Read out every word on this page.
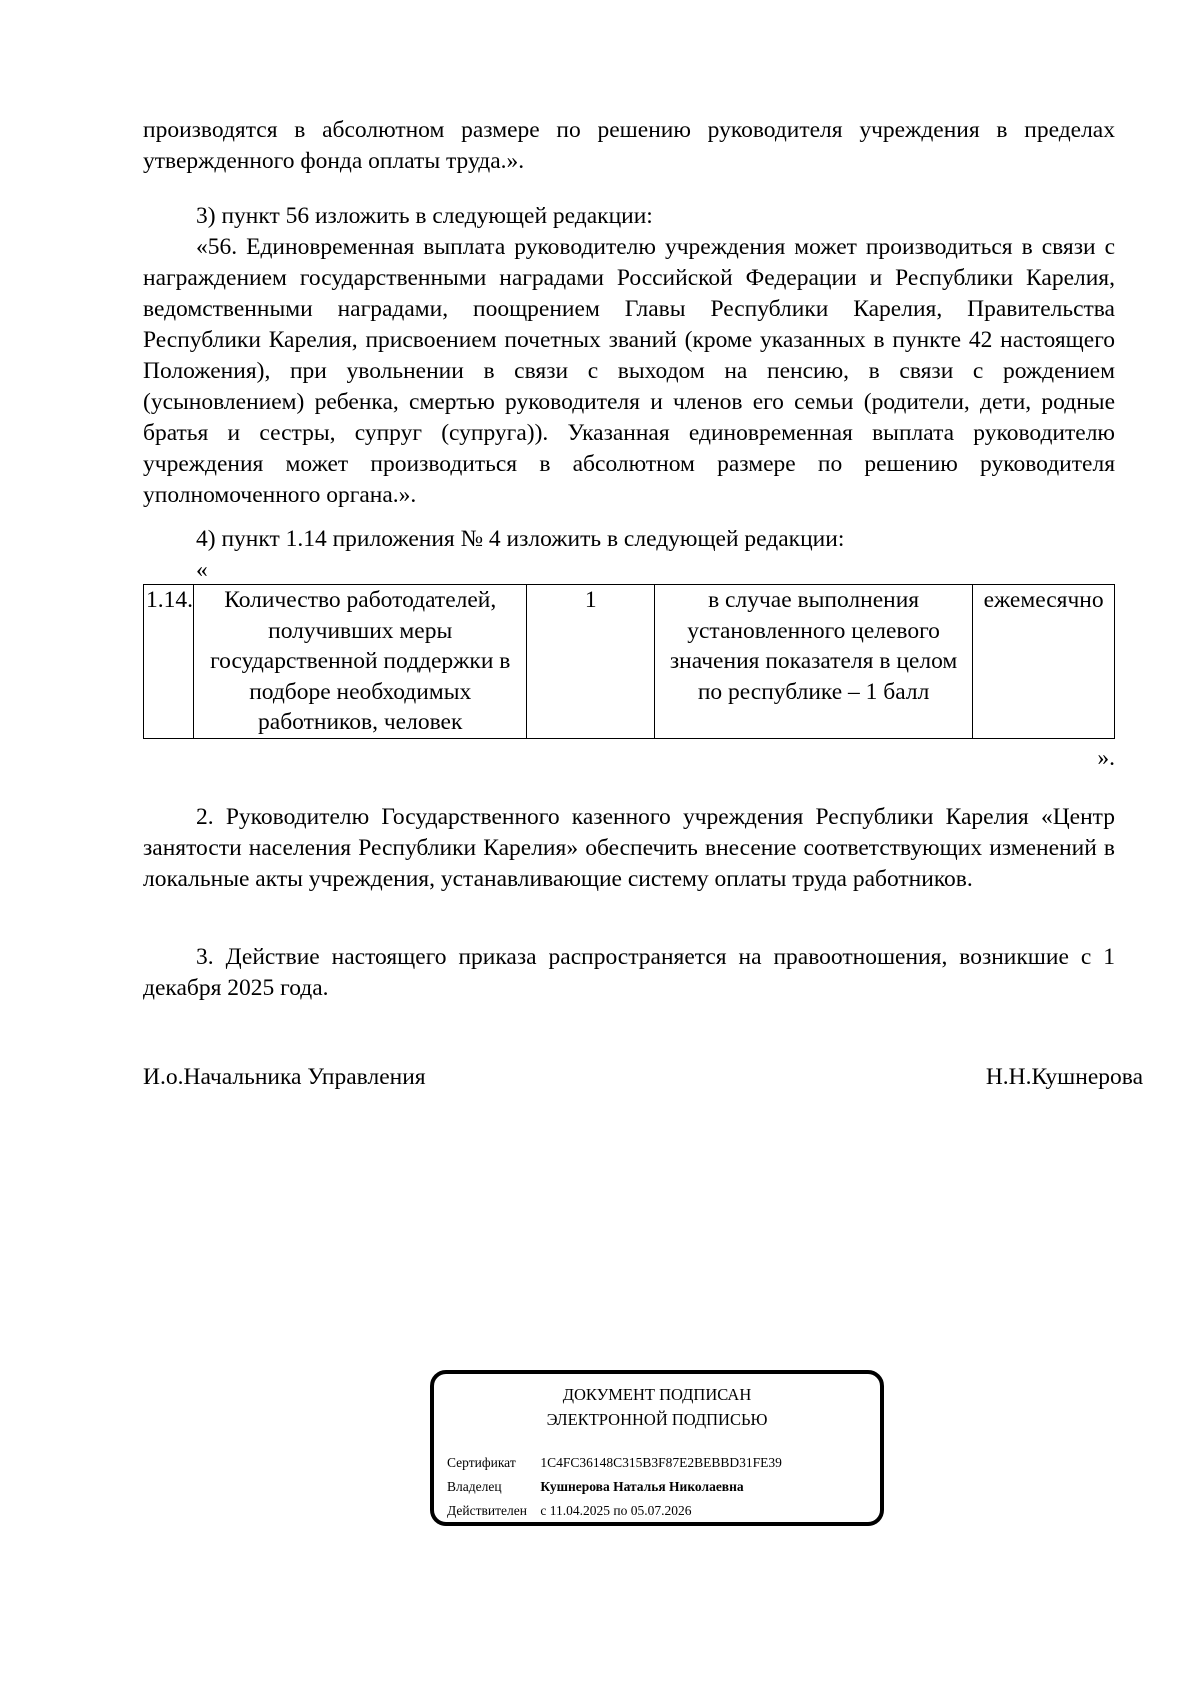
производятся в абсолютном размере по решению руководителя учреждения в пределах утвержденного фонда оплаты труда.».

3) пункт 56 изложить в следующей редакции:

«56. Единовременная выплата руководителю учреждения может производиться в связи с награждением государственными наградами Российской Федерации и Республики Карелия, ведомственными наградами, поощрением Главы Республики Карелия, Правительства Республики Карелия, присвоением почетных званий (кроме указанных в пункте 42 настоящего Положения), при увольнении в связи с выходом на пенсию, в связи с рождением (усыновлением) ребенка, смертью руководителя и членов его семьи (родители, дети, родные братья и сестры, супруг (супруга)). Указанная единовременная выплата руководителю учреждения может производиться в абсолютном размере по решению руководителя уполномоченного органа.».

4) пункт 1.14 приложения № 4 изложить в следующей редакции:

«
1.14.	Количество работодателей, получивших меры государственной поддержки в подборе необходимых работников, человек	1	в случае выполнения установленного целевого значения показателя в целом по республике – 1 балл	ежемесячно
».

2. Руководителю Государственного казенного учреждения Республики Карелия «Центр занятости населения Республики Карелия» обеспечить внесение соответствующих изменений в локальные акты учреждения, устанавливающие систему оплаты труда работников.

3. Действие настоящего приказа распространяется на правоотношения, возникшие с 1 декабря 2025 года.

И.о.Начальника Управления	Н.Н.Кушнерова
ДОКУМЕНТ ПОДПИСАН
ЭЛЕКТРОННОЙ ПОДПИСЬЮ
Сертификат 1C4FC36148C315B3F87E2BEBBD31FE39
Владелец	Кушнерова Наталья Николаевна
Действителен с 11.04.2025 по 05.07.2026
